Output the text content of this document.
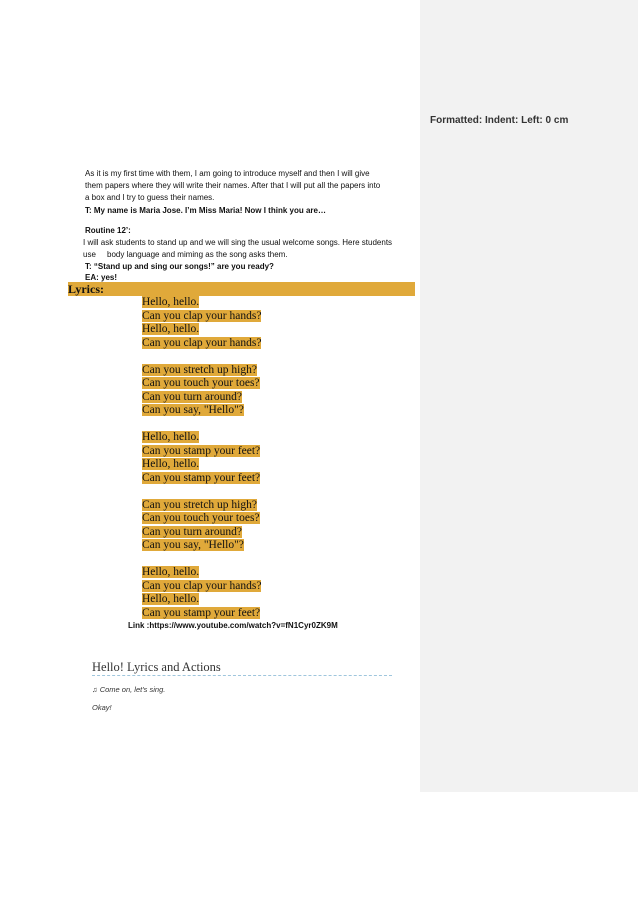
Formatted: Indent: Left: 0 cm
As it is my first time with them, I am going to introduce myself and then I will give
them papers where they will write their names. After that I will put all the papers into
a box and I try to guess their names.
T: My name is Maria Jose. I’m Miss Maria! Now I think you are…
Routine 12’:
I will ask students to stand up and we will sing the usual welcome songs. Here students
use     body language and miming as the song asks them.
T: “Stand up and sing our songs!” are you ready?
EA: yes!
Lyrics:
Hello, hello.
Can you clap your hands?
Hello, hello.
Can you clap your hands?
Can you stretch up high?
Can you touch your toes?
Can you turn around?
Can you say, "Hello"?
Hello, hello.
Can you stamp your feet?
Hello, hello.
Can you stamp your feet?
Can you stretch up high?
Can you touch your toes?
Can you turn around?
Can you say, "Hello"?
Hello, hello.
Can you clap your hands?
Hello, hello.
Can you stamp your feet?
Link :https://www.youtube.com/watch?v=fN1Cyr0ZK9M
Hello! Lyrics and Actions
♫ Come on, let's sing.
Okay!
